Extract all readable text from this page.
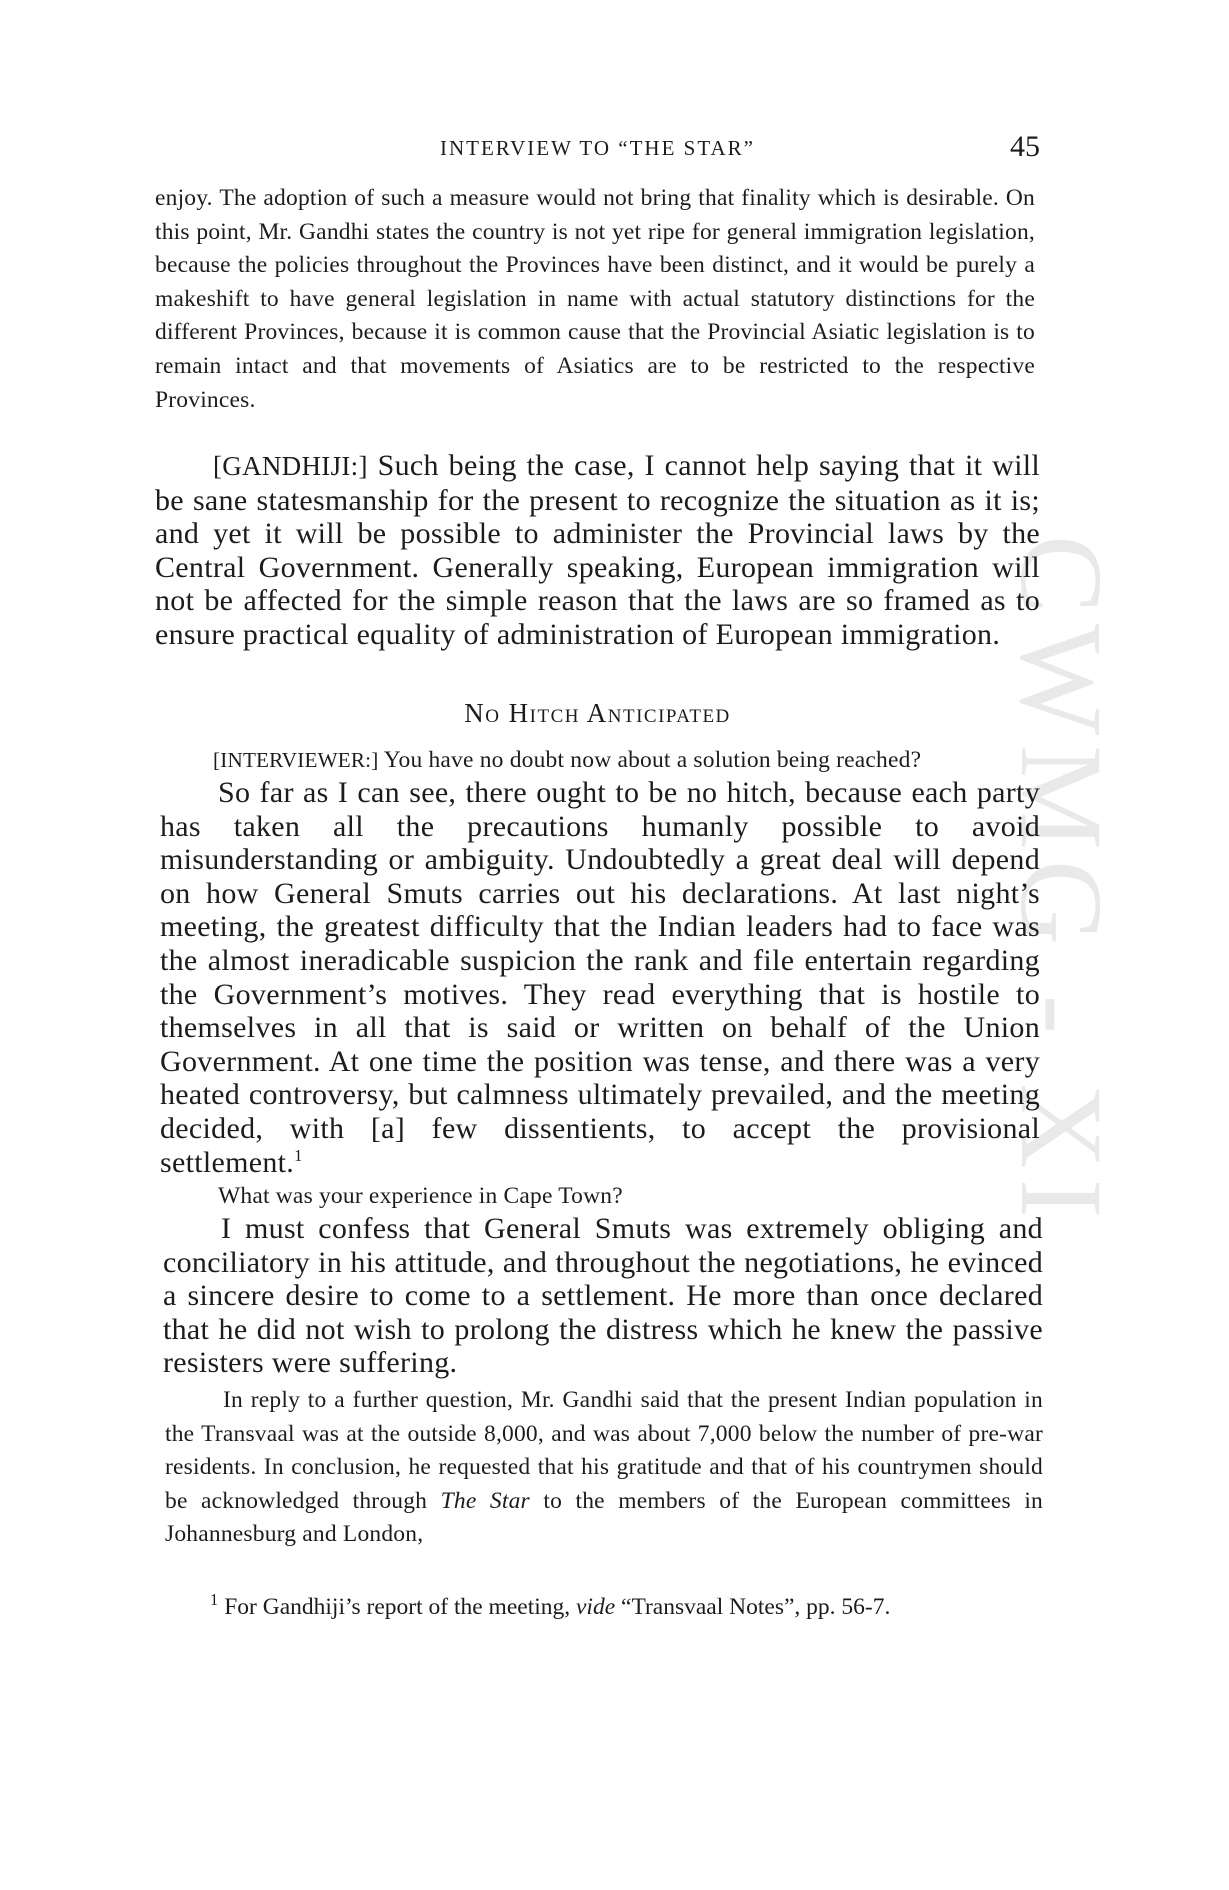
CWMG - XI
INTERVIEW TO “THE STAR”	45

enjoy. The adoption of such a measure would not bring that finality which is desirable. On this point, Mr. Gandhi states the country is not yet ripe for general immigration legislation, because the policies throughout the Provinces have been distinct, and it would be purely a makeshift to have general legislation in name with actual statutory distinctions for the different Provinces, because it is common cause that the Provincial Asiatic legislation is to remain intact and that movements of Asiatics are to be restricted to the respective Provinces.

[GANDHIJI:] Such being the case, I cannot help saying that it will be sane statesmanship for the present to recognize the situation as it is; and yet it will be possible to administer the Provincial laws by the Central Government. Generally speaking, European immigration will not be affected for the simple reason that the laws are so framed as to ensure practical equality of administration of European immigration.

No Hitch Anticipated

[INTERVIEWER:] You have no doubt now about a solution being reached?

So far as I can see, there ought to be no hitch, because each party has taken all the precautions humanly possible to avoid misunderstanding or ambiguity. Undoubtedly a great deal will depend on how General Smuts carries out his declarations. At last night’s meeting, the greatest difficulty that the Indian leaders had to face was the almost ineradicable suspicion the rank and file entertain regarding the Government’s motives. They read everything that is hostile to themselves in all that is said or written on behalf of the Union Government. At one time the position was tense, and there was a very heated controversy, but calmness ultimately prevailed, and the meeting decided, with [a] few dissentients, to accept the provisional settlement.$^1$

What was your experience in Cape Town?

I must confess that General Smuts was extremely obliging and conciliatory in his attitude, and throughout the negotiations, he evinced a sincere desire to come to a settlement. He more than once declared that he did not wish to prolong the distress which he knew the passive resisters were suffering.

In reply to a further question, Mr. Gandhi said that the present Indian population in the Transvaal was at the outside 8,000, and was about 7,000 below the number of pre-war residents. In conclusion, he requested that his gratitude and that of his countrymen should be acknowledged through The Star to the members of the European committees in Johannesburg and London,

$^1$ For Gandhiji’s report of the meeting, vide “Transvaal Notes”, pp. 56-7.
